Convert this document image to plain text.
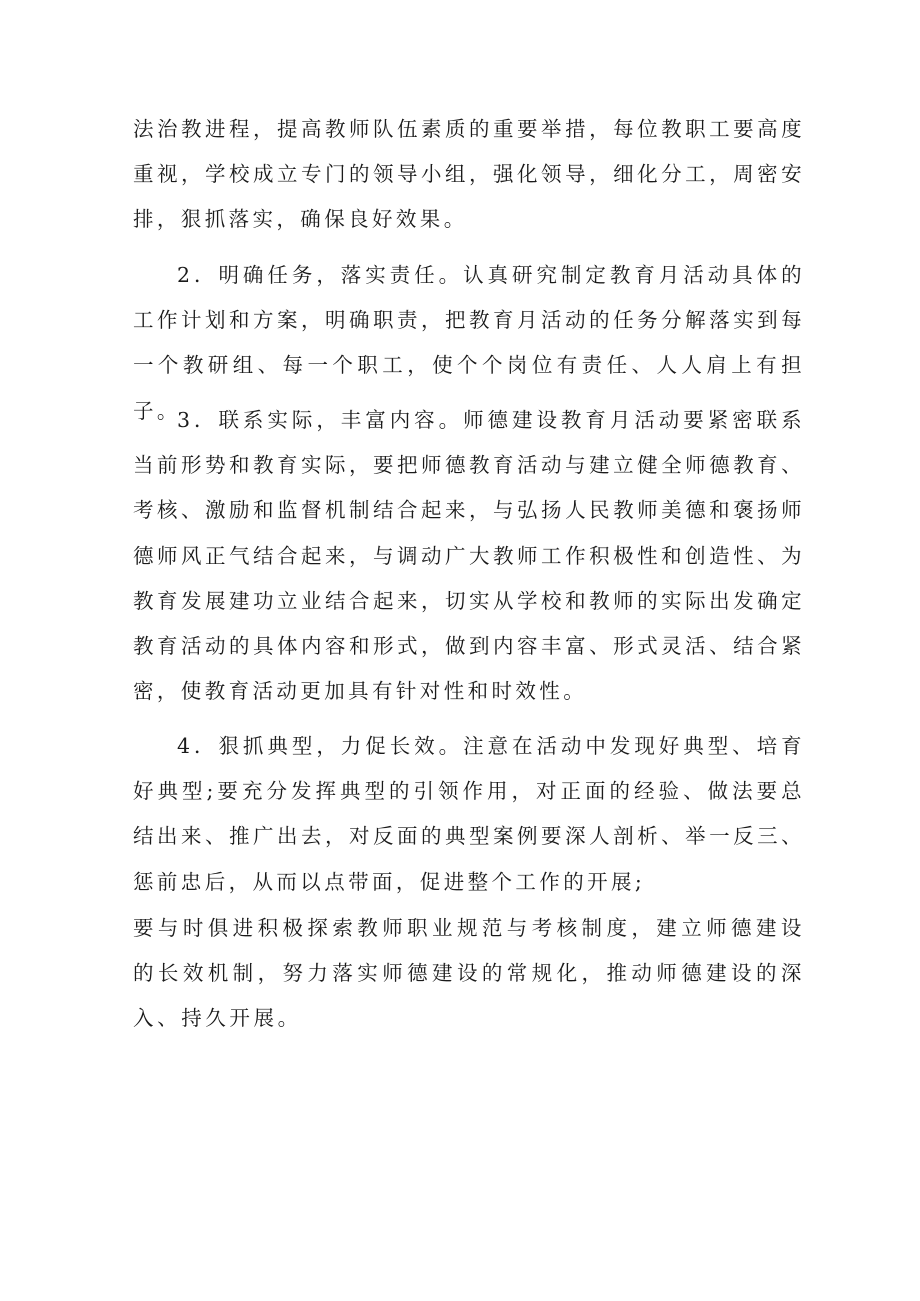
法治教进程，提高教师队伍素质的重要举措，每位教职工要高度重视，学校成立专门的领导小组，强化领导，细化分工，周密安排，狠抓落实，确保良好效果。

2．明确任务，落实责任。认真研究制定教育月活动具体的工作计划和方案，明确职责，把教育月活动的任务分解落实到每一个教研组、每一个职工，使个个岗位有责任、人人肩上有担子。

3．联系实际，丰富内容。师德建设教育月活动要紧密联系当前形势和教育实际，要把师德教育活动与建立健全师德教育、考核、激励和监督机制结合起来，与弘扬人民教师美德和褒扬师德师风正气结合起来，与调动广大教师工作积极性和创造性、为教育发展建功立业结合起来，切实从学校和教师的实际出发确定教育活动的具体内容和形式，做到内容丰富、形式灵活、结合紧密，使教育活动更加具有针对性和时效性。

4．狠抓典型，力促长效。注意在活动中发现好典型、培育好典型;要充分发挥典型的引领作用，对正面的经验、做法要总结出来、推广出去，对反面的典型案例要深人剖析、举一反三、惩前忠后，从而以点带面，促进整个工作的开展;

要与时俱进积极探索教师职业规范与考核制度，建立师德建设的长效机制，努力落实师德建设的常规化，推动师德建设的深入、持久开展。
